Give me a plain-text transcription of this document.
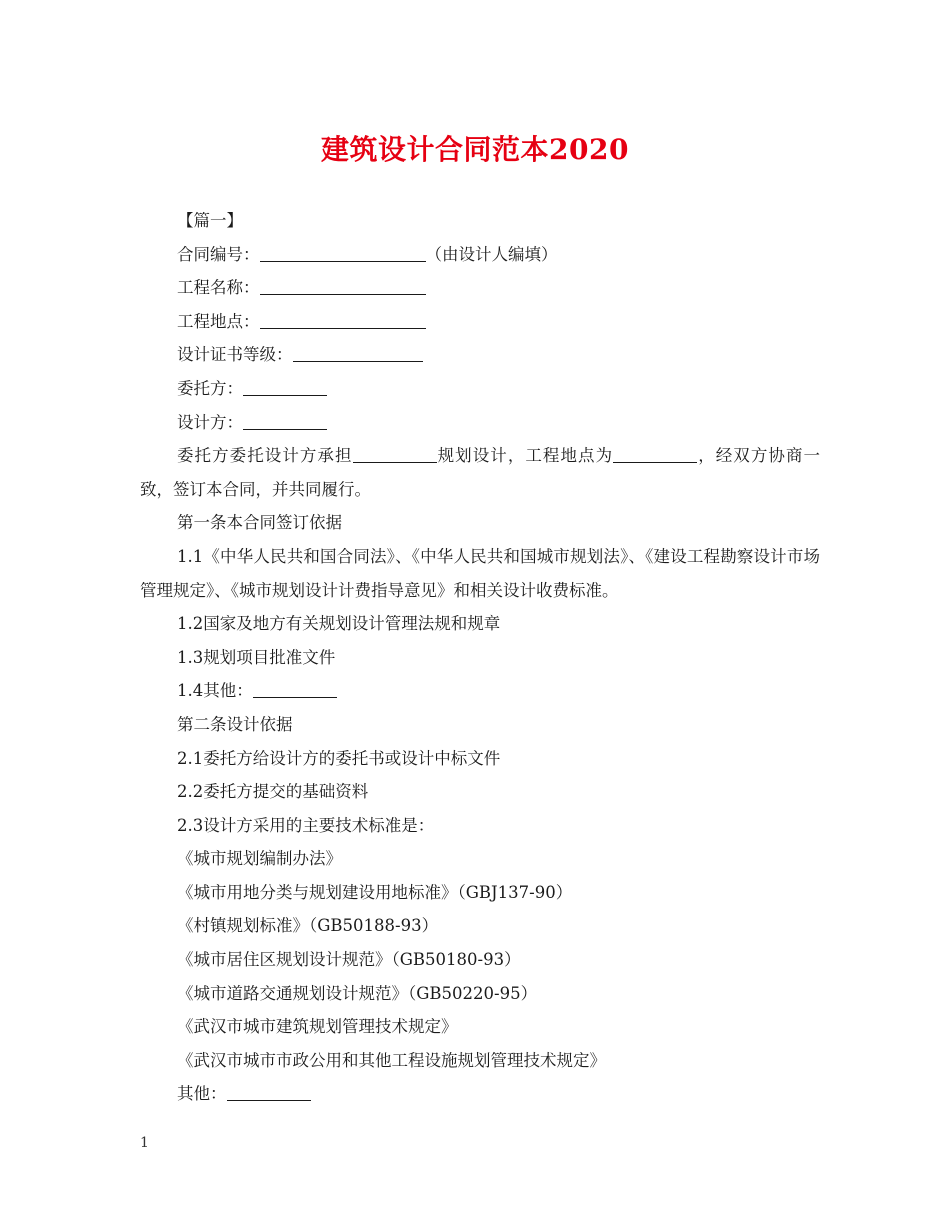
建筑设计合同范本2020
【篇一】
合同编号：	（由设计人编填）
工程名称：
工程地点：
设计证书等级：
委托方：
设计方：
委托方委托设计方承担	规划设计，工程地点为	，经双方协商一致，签订本合同，并共同履行。
第一条本合同签订依据
1.1《中华人民共和国合同法》、《中华人民共和国城市规划法》、《建设工程勘察设计市场管理规定》、《城市规划设计计费指导意见》和相关设计收费标准。
1.2国家及地方有关规划设计管理法规和规章
1.3规划项目批准文件
1.4其他：
第二条设计依据
2.1委托方给设计方的委托书或设计中标文件
2.2委托方提交的基础资料
2.3设计方采用的主要技术标准是：
《城市规划编制办法》
《城市用地分类与规划建设用地标准》（GBJ137-90）
《村镇规划标准》（GB50188-93）
《城市居住区规划设计规范》（GB50180-93）
《城市道路交通规划设计规范》（GB50220-95）
《武汉市城市建筑规划管理技术规定》
《武汉市城市市政公用和其他工程设施规划管理技术规定》
其他：
1
